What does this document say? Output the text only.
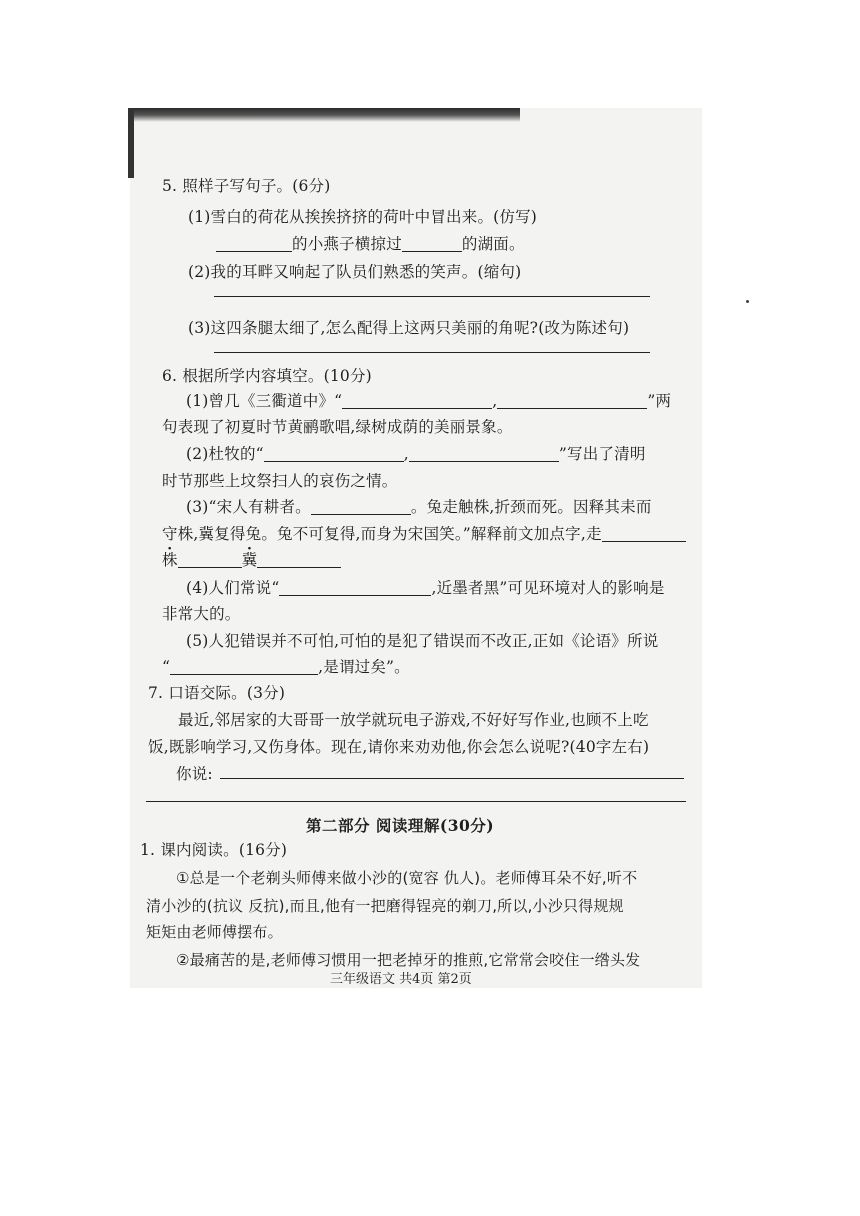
5. 照样子写句子。(6分)
(1)雪白的荷花从挨挨挤挤的荷叶中冒出来。(仿写)
的小燕子横掠过	的湖面。
(2)我的耳畔又响起了队员们熟悉的笑声。(缩句)
(3)这四条腿太细了,怎么配得上这两只美丽的角呢?(改为陈述句)
6. 根据所学内容填空。(10分)
(1)曾几《三衢道中》“	,	”两
句表现了初夏时节黄鹂歌唱,绿树成荫的美丽景象。
(2)杜牧的“	,	”写出了清明
时节那些上坟祭扫人的哀伤之情。
(3)“宋人有耕者。	。兔走触株,折颈而死。因释其耒而
守株,冀复得兔。兔不可复得,而身为宋国笑。”解释前文加点字,走
株	冀
(4)人们常说“	,近墨者黑”可见环境对人的影响是
非常大的。
(5)人犯错误并不可怕,可怕的是犯了错误而不改正,正如《论语》所说
“	,是谓过矣”。
7. 口语交际。(3分)
最近,邻居家的大哥哥一放学就玩电子游戏,不好好写作业,也顾不上吃
饭,既影响学习,又伤身体。现在,请你来劝劝他,你会怎么说呢?(40字左右)
你说:
第二部分 阅读理解(30分)
1. 课内阅读。(16分)
①总是一个老剃头师傅来做小沙的(宽容 仇人)。老师傅耳朵不好,听不
清小沙的(抗议 反抗),而且,他有一把磨得锃亮的剃刀,所以,小沙只得规规
矩矩由老师傅摆布。
②最痛苦的是,老师傅习惯用一把老掉牙的推煎,它常常会咬住一绺头发
三年级语文 共4页 第2页
